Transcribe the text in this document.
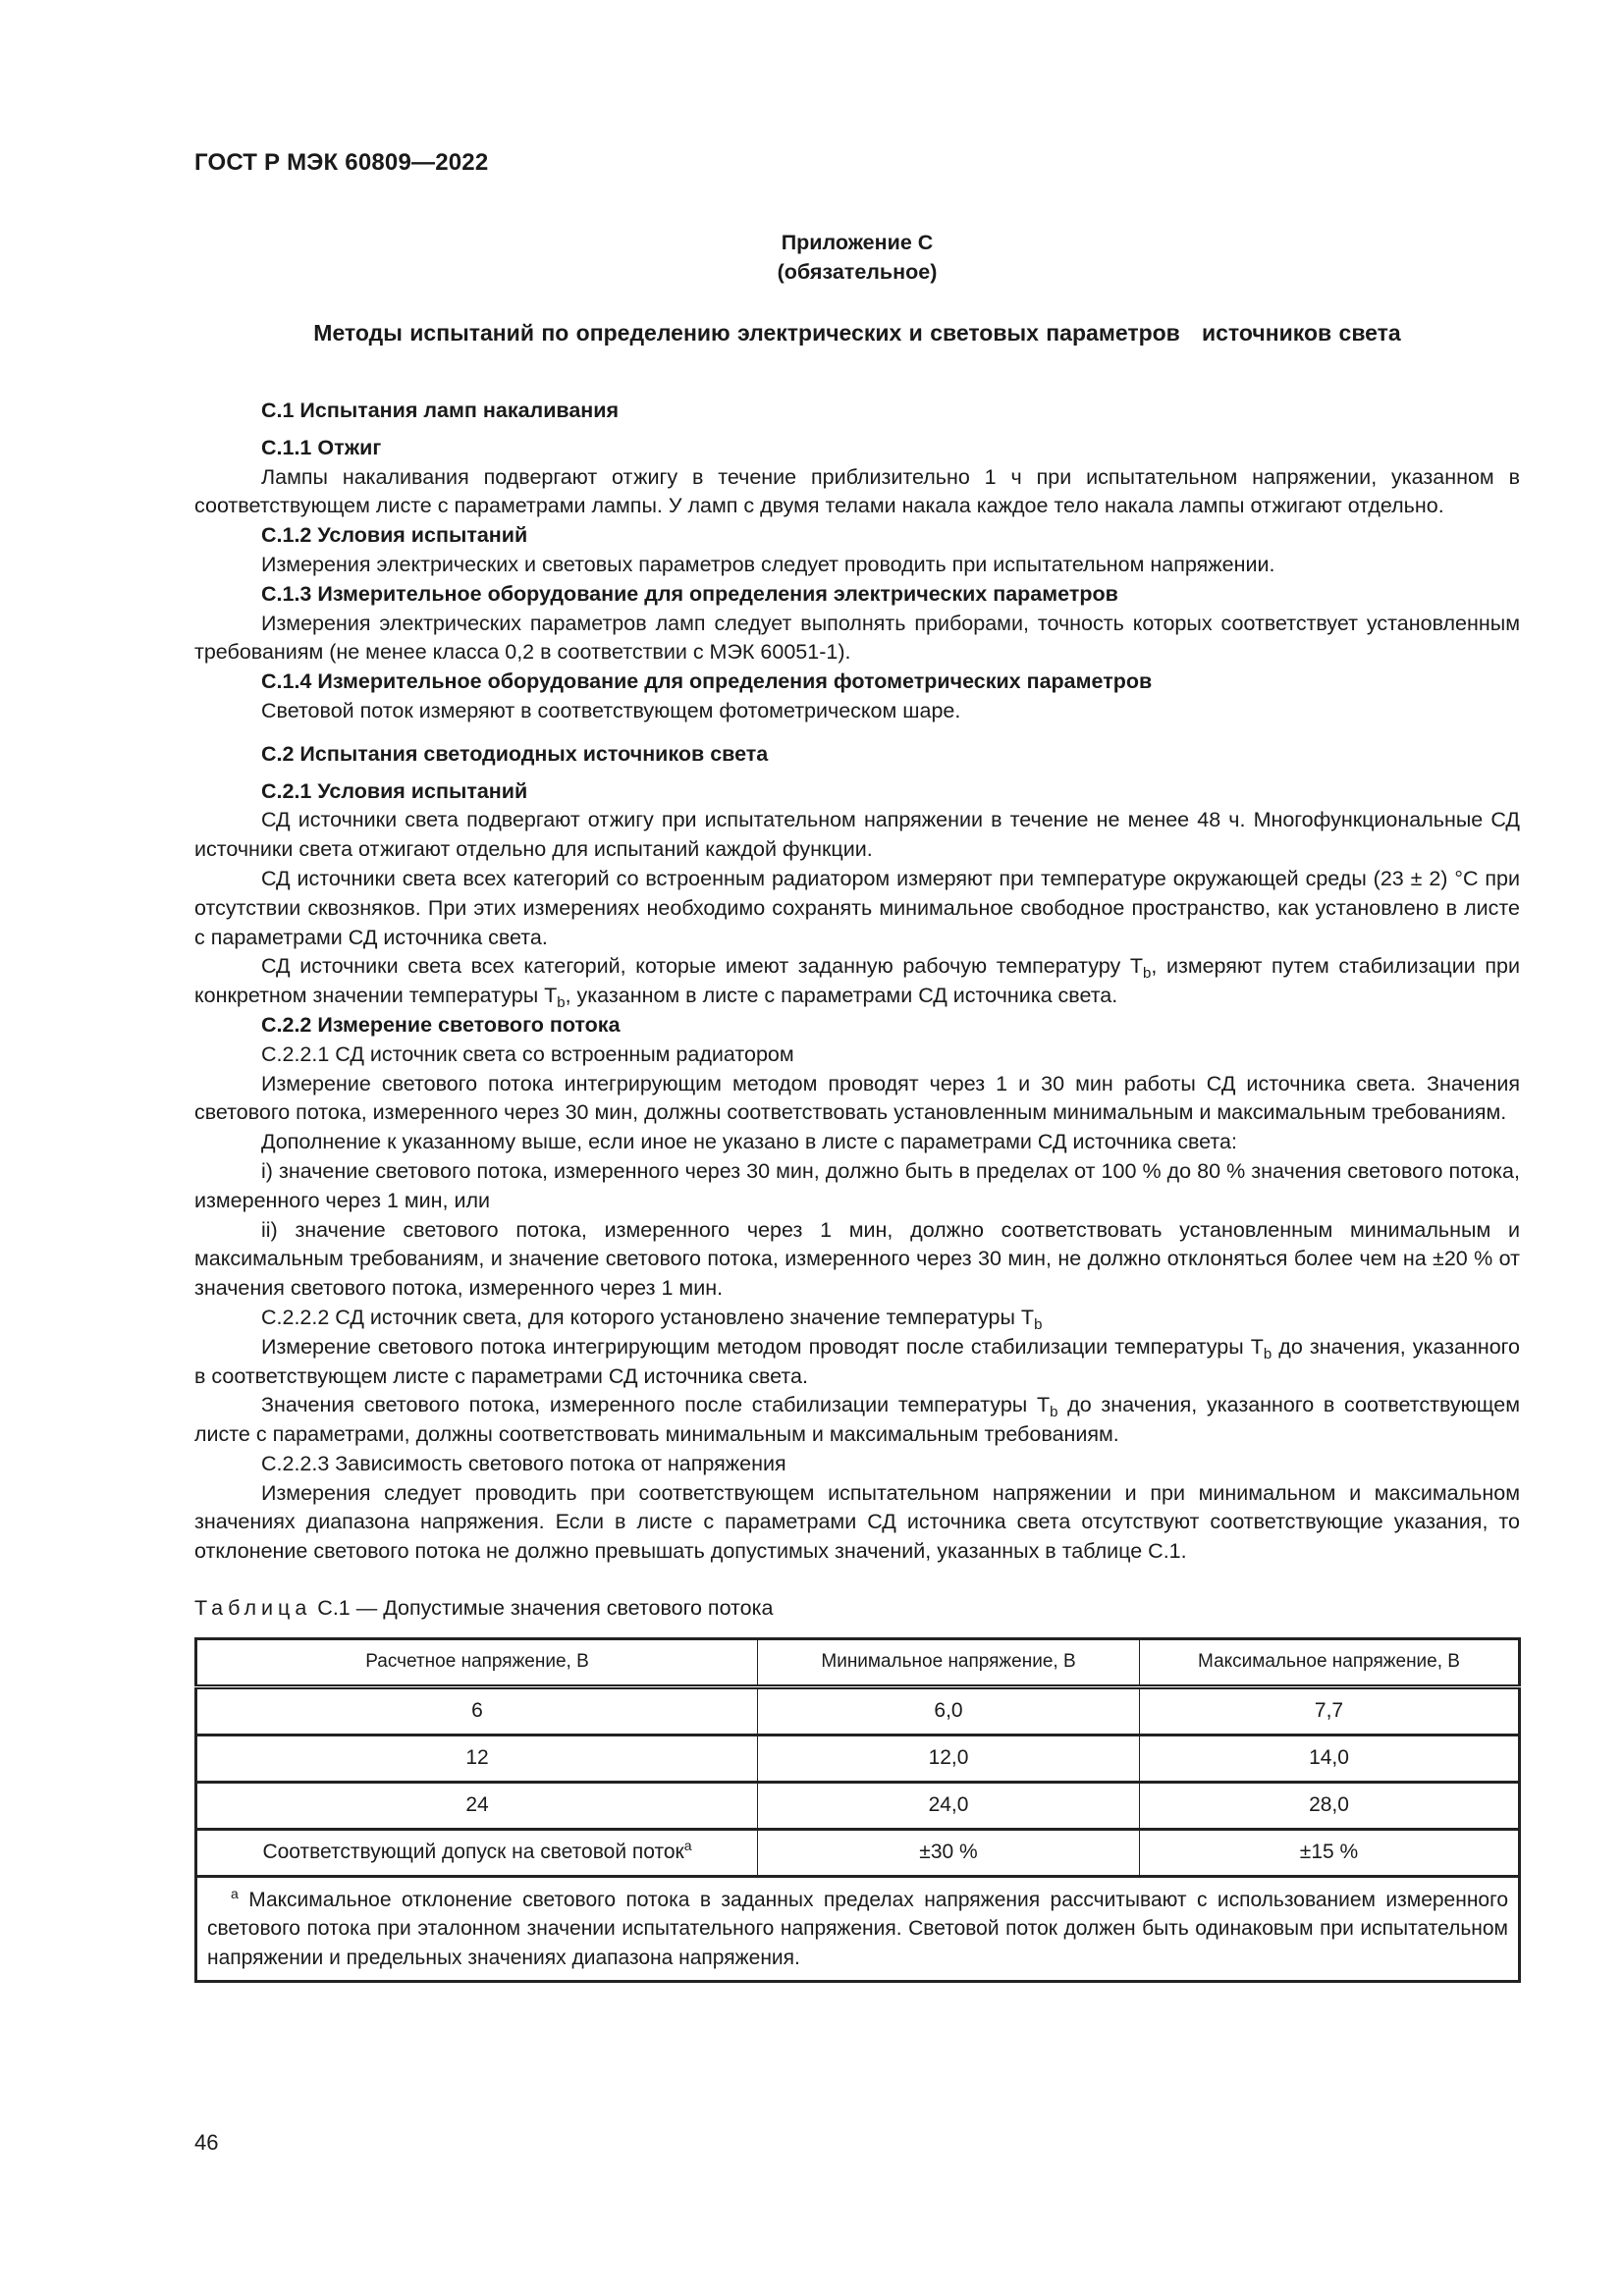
ГОСТ Р МЭК 60809—2022
Приложение С
(обязательное)
Методы испытаний по определению электрических и световых параметров   источников света

С.1 Испытания ламп накаливания

С.1.1 Отжиг

Лампы накаливания подвергают отжигу в течение приблизительно 1 ч при испытательном напряжении, указанном в соответствующем листе с параметрами лампы. У ламп с двумя телами накала каждое тело накала лампы отжигают отдельно.

С.1.2 Условия испытаний

Измерения электрических и световых параметров следует проводить при испытательном напряжении.

С.1.3 Измерительное оборудование для определения электрических параметров

Измерения электрических параметров ламп следует выполнять приборами, точность которых соответствует установленным требованиям (не менее класса 0,2 в соответствии с МЭК 60051-1).

С.1.4 Измерительное оборудование для определения фотометрических параметров

Световой поток измеряют в соответствующем фотометрическом шаре.

С.2 Испытания светодиодных источников света

С.2.1 Условия испытаний

СД источники света подвергают отжигу при испытательном напряжении в течение не менее 48 ч. Многофункциональные СД источники света отжигают отдельно для испытаний каждой функции.

СД источники света всех категорий со встроенным радиатором измеряют при температуре окружающей среды (23 ± 2) °С при отсутствии сквозняков. При этих измерениях необходимо сохранять минимальное свободное пространство, как установлено в листе с параметрами СД источника света.

СД источники света всех категорий, которые имеют заданную рабочую температуру $T_b$, измеряют путем стабилизации при конкретном значении температуры $T_b$, указанном в листе с параметрами СД источника света.

С.2.2 Измерение светового потока

С.2.2.1 СД источник света со встроенным радиатором

Измерение светового потока интегрирующим методом проводят через 1 и 30 мин работы СД источника света. Значения светового потока, измеренного через 30 мин, должны соответствовать установленным минимальным и максимальным требованиям.

Дополнение к указанному выше, если иное не указано в листе с параметрами СД источника света:

i) значение светового потока, измеренного через 30 мин, должно быть в пределах от 100 % до 80 % значения светового потока, измеренного через 1 мин, или

ii) значение светового потока, измеренного через 1 мин, должно соответствовать установленным минимальным и максимальным требованиям, и значение светового потока, измеренного через 30 мин, не должно отклоняться более чем на ±20 % от значения светового потока, измеренного через 1 мин.

С.2.2.2 СД источник света, для которого установлено значение температуры $T_b$

Измерение светового потока интегрирующим методом проводят после стабилизации температуры $T_b$ до значения, указанного в соответствующем листе с параметрами СД источника света.

Значения светового потока, измеренного после стабилизации температуры $T_b$ до значения, указанного в соответствующем листе с параметрами, должны соответствовать минимальным и максимальным требованиям.

С.2.2.3 Зависимость светового потока от напряжения

Измерения следует проводить при соответствующем испытательном напряжении и при минимальном и максимальном значениях диапазона напряжения. Если в листе с параметрами СД источника света отсутствуют соответствующие указания, то отклонение светового потока не должно превышать допустимых значений, указанных в таблице С.1.

Таблица С.1 — Допустимые значения светового потока
Расчетное напряжение, В	Минимальное напряжение, В	Максимальное напряжение, В
6	6,0	7,7
12	12,0	14,0
24	24,0	28,0
Соответствующий допуск на световой поток$^a$	±30 %	±15 %

$^a$ Максимальное отклонение светового потока в заданных пределах напряжения рассчитывают с использованием измеренного светового потока при эталонном значении испытательного напряжения. Световой поток должен быть одинаковым при испытательном напряжении и предельных значениях диапазона напряжения.		
46
